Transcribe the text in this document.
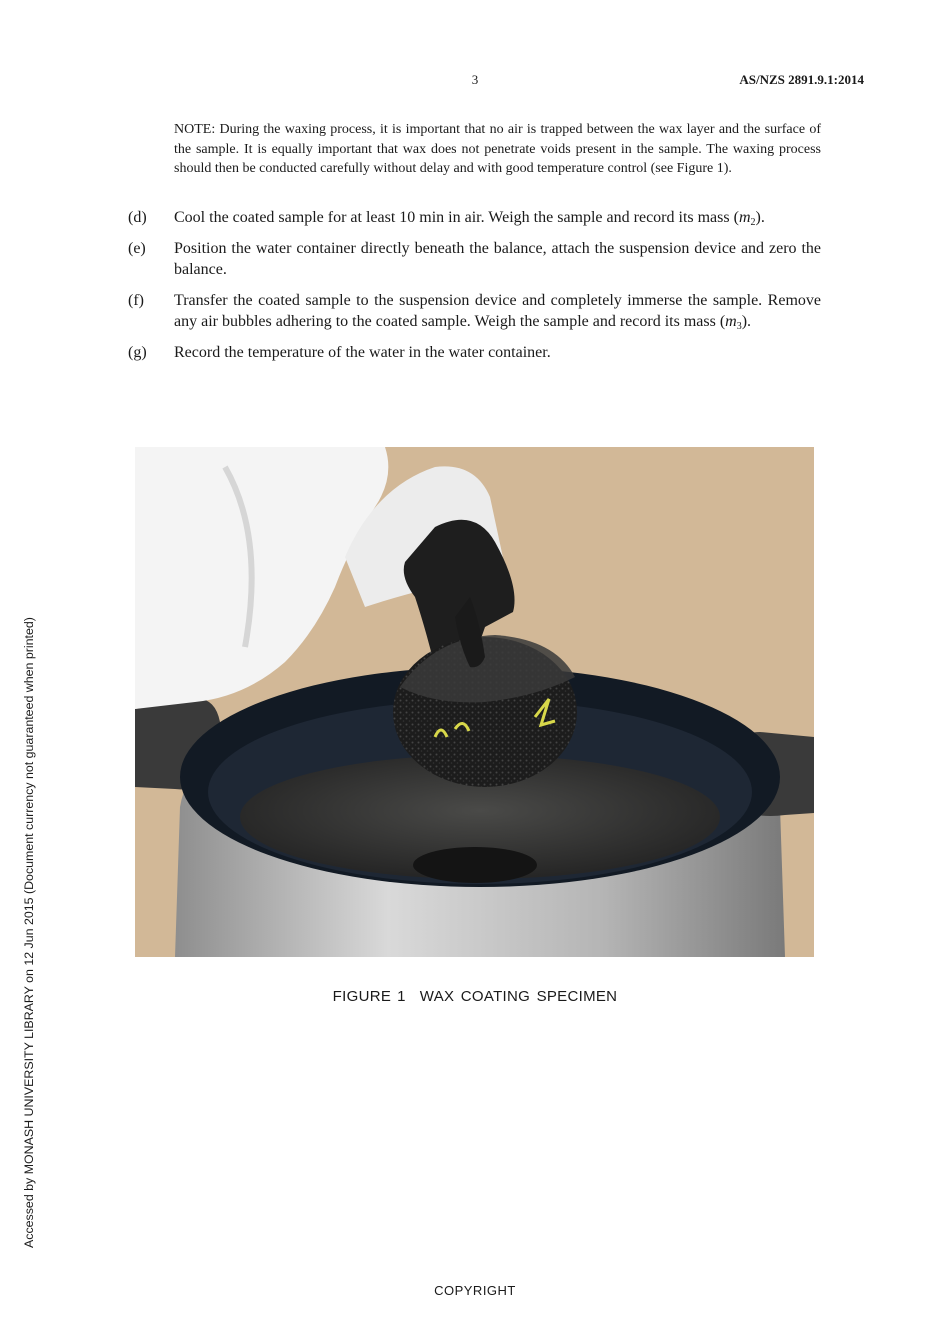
3	AS/NZS 2891.9.1:2014

NOTE: During the waxing process, it is important that no air is trapped between the wax layer and the surface of the sample. It is equally important that wax does not penetrate voids present in the sample. The waxing process should then be conducted carefully without delay and with good temperature control (see Figure 1).

(d)	Cool the coated sample for at least 10 min in air. Weigh the sample and record its mass $(m_2)$.
(e)	Position the water container directly beneath the balance, attach the suspension device and zero the balance.
(f)	Transfer the coated sample to the suspension device and completely immerse the sample. Remove any air bubbles adhering to the coated sample. Weigh the sample and record its mass $(m_3)$.
(g)	Record the temperature of the water in the water container.
FIGURE 1 WAX COATING SPECIMEN
Accessed by MONASH UNIVERSITY LIBRARY on 12 Jun 2015 (Document currency not guaranteed when printed)
COPYRIGHT
